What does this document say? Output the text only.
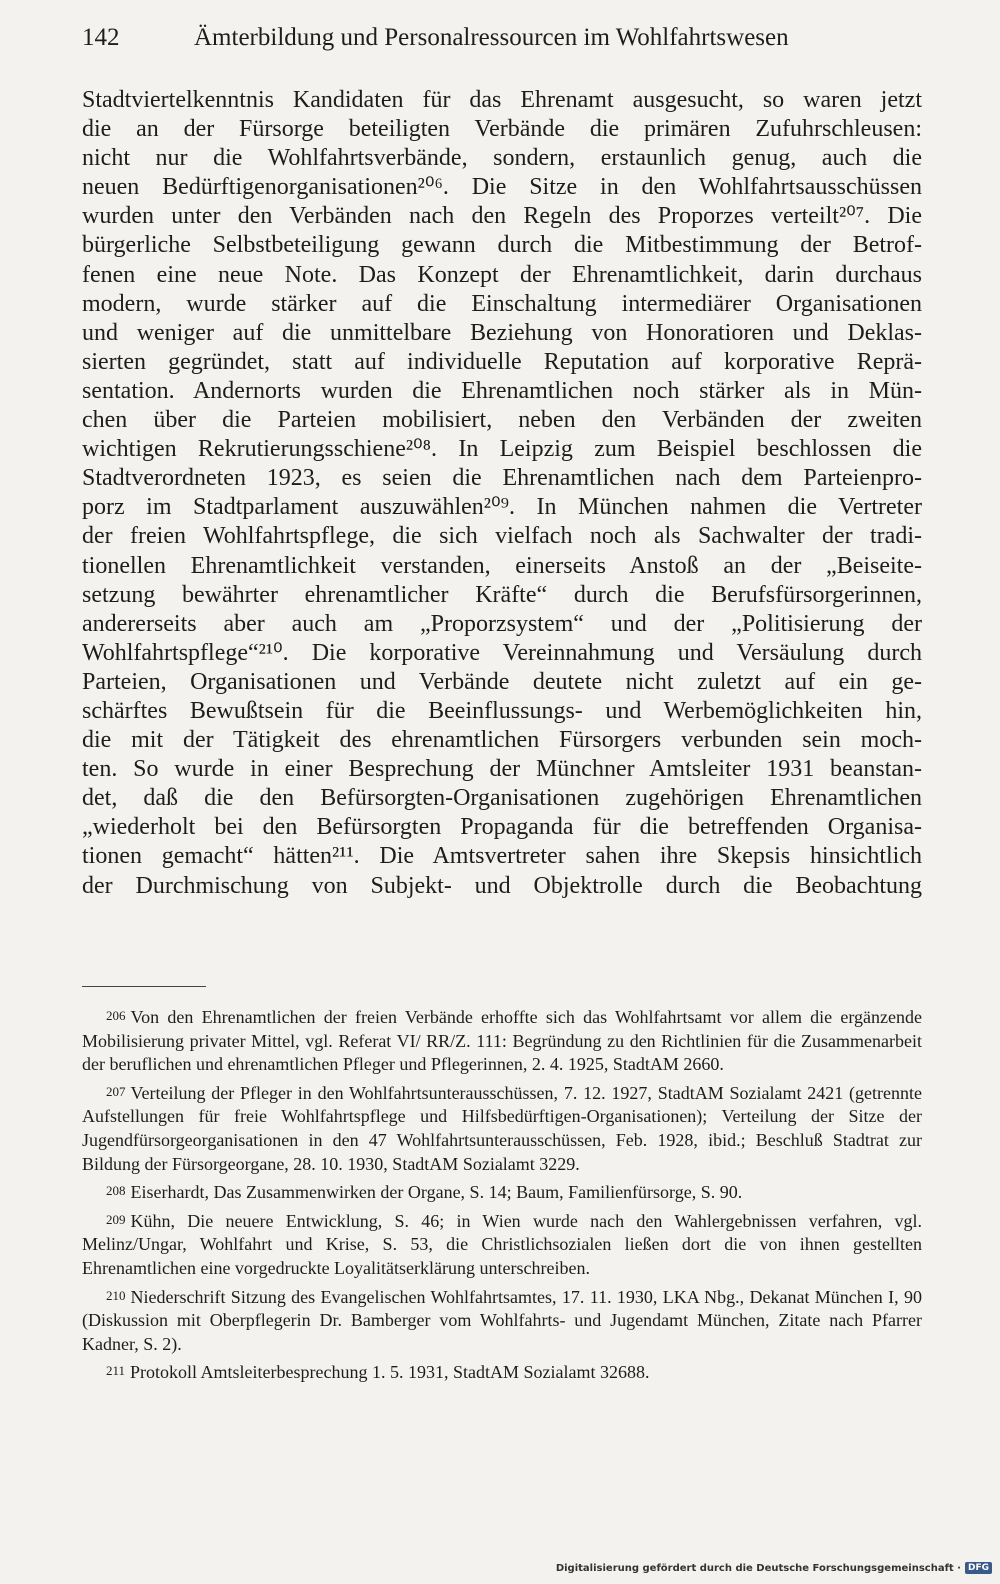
142	Ämterbildung und Personalressourcen im Wohlfahrtswesen
Stadtviertelkenntnis Kandidaten für das Ehrenamt ausgesucht, so waren jetzt
die an der Fürsorge beteiligten Verbände die primären Zufuhrschleusen:
nicht nur die Wohlfahrtsverbände, sondern, erstaunlich genug, auch die
neuen Bedürftigenorganisationen²⁰⁶. Die Sitze in den Wohlfahrtsausschüssen
wurden unter den Verbänden nach den Regeln des Proporzes verteilt²⁰⁷. Die
bürgerliche Selbstbeteiligung gewann durch die Mitbestimmung der Betrof-
fenen eine neue Note. Das Konzept der Ehrenamtlichkeit, darin durchaus
modern, wurde stärker auf die Einschaltung intermediärer Organisationen
und weniger auf die unmittelbare Beziehung von Honoratioren und Deklas-
sierten gegründet, statt auf individuelle Reputation auf korporative Reprä-
sentation. Andernorts wurden die Ehrenamtlichen noch stärker als in Mün-
chen über die Parteien mobilisiert, neben den Verbänden der zweiten
wichtigen Rekrutierungsschiene²⁰⁸. In Leipzig zum Beispiel beschlossen die
Stadtverordneten 1923, es seien die Ehrenamtlichen nach dem Parteienpro-
porz im Stadtparlament auszuwählen²⁰⁹. In München nahmen die Vertreter
der freien Wohlfahrtspflege, die sich vielfach noch als Sachwalter der tradi-
tionellen Ehrenamtlichkeit verstanden, einerseits Anstoß an der „Beiseite-
setzung bewährter ehrenamtlicher Kräfte“ durch die Berufsfürsorgerinnen,
andererseits aber auch am „Proporzsystem“ und der „Politisierung der
Wohlfahrtspflege“²¹⁰. Die korporative Vereinnahmung und Versäulung durch
Parteien, Organisationen und Verbände deutete nicht zuletzt auf ein ge-
schärftes Bewußtsein für die Beeinflussungs- und Werbemöglichkeiten hin,
die mit der Tätigkeit des ehrenamtlichen Fürsorgers verbunden sein moch-
ten. So wurde in einer Besprechung der Münchner Amtsleiter 1931 beanstan-
det, daß die den Befürsorgten-Organisationen zugehörigen Ehrenamtlichen
„wiederholt bei den Befürsorgten Propaganda für die betreffenden Organisa-
tionen gemacht“ hätten²¹¹. Die Amtsvertreter sahen ihre Skepsis hinsichtlich
der Durchmischung von Subjekt- und Objektrolle durch die Beobachtung

206 Von den Ehrenamtlichen der freien Verbände erhoffte sich das Wohlfahrtsamt vor allem die ergänzende Mobilisierung privater Mittel, vgl. Referat VI/ RR/Z. 111: Begründung zu den Richtlinien für die Zusammenarbeit der beruflichen und ehrenamtlichen Pfleger und Pflegerinnen, 2. 4. 1925, StadtAM 2660.

207 Verteilung der Pfleger in den Wohlfahrtsunterausschüssen, 7. 12. 1927, StadtAM Sozialamt 2421 (getrennte Aufstellungen für freie Wohlfahrtspflege und Hilfsbedürftigen-Organisationen); Verteilung der Sitze der Jugendfürsorgeorganisationen in den 47 Wohlfahrtsunterausschüssen, Feb. 1928, ibid.; Beschluß Stadtrat zur Bildung der Fürsorgeorgane, 28. 10. 1930, StadtAM Sozialamt 3229.

208 Eiserhardt, Das Zusammenwirken der Organe, S. 14; Baum, Familienfürsorge, S. 90.

209 Kühn, Die neuere Entwicklung, S. 46; in Wien wurde nach den Wahlergebnissen verfahren, vgl. Melinz/Ungar, Wohlfahrt und Krise, S. 53, die Christlichsozialen ließen dort die von ihnen gestellten Ehrenamtlichen eine vorgedruckte Loyalitätserklärung unterschreiben.

210 Niederschrift Sitzung des Evangelischen Wohlfahrtsamtes, 17. 11. 1930, LKA Nbg., Dekanat München I, 90 (Diskussion mit Oberpflegerin Dr. Bamberger vom Wohlfahrts- und Jugendamt München, Zitate nach Pfarrer Kadner, S. 2).

211 Protokoll Amtsleiterbesprechung 1. 5. 1931, StadtAM Sozialamt 32688.

Digitalisierung gefördert durch die Deutsche Forschungsgemeinschaft · DFG
